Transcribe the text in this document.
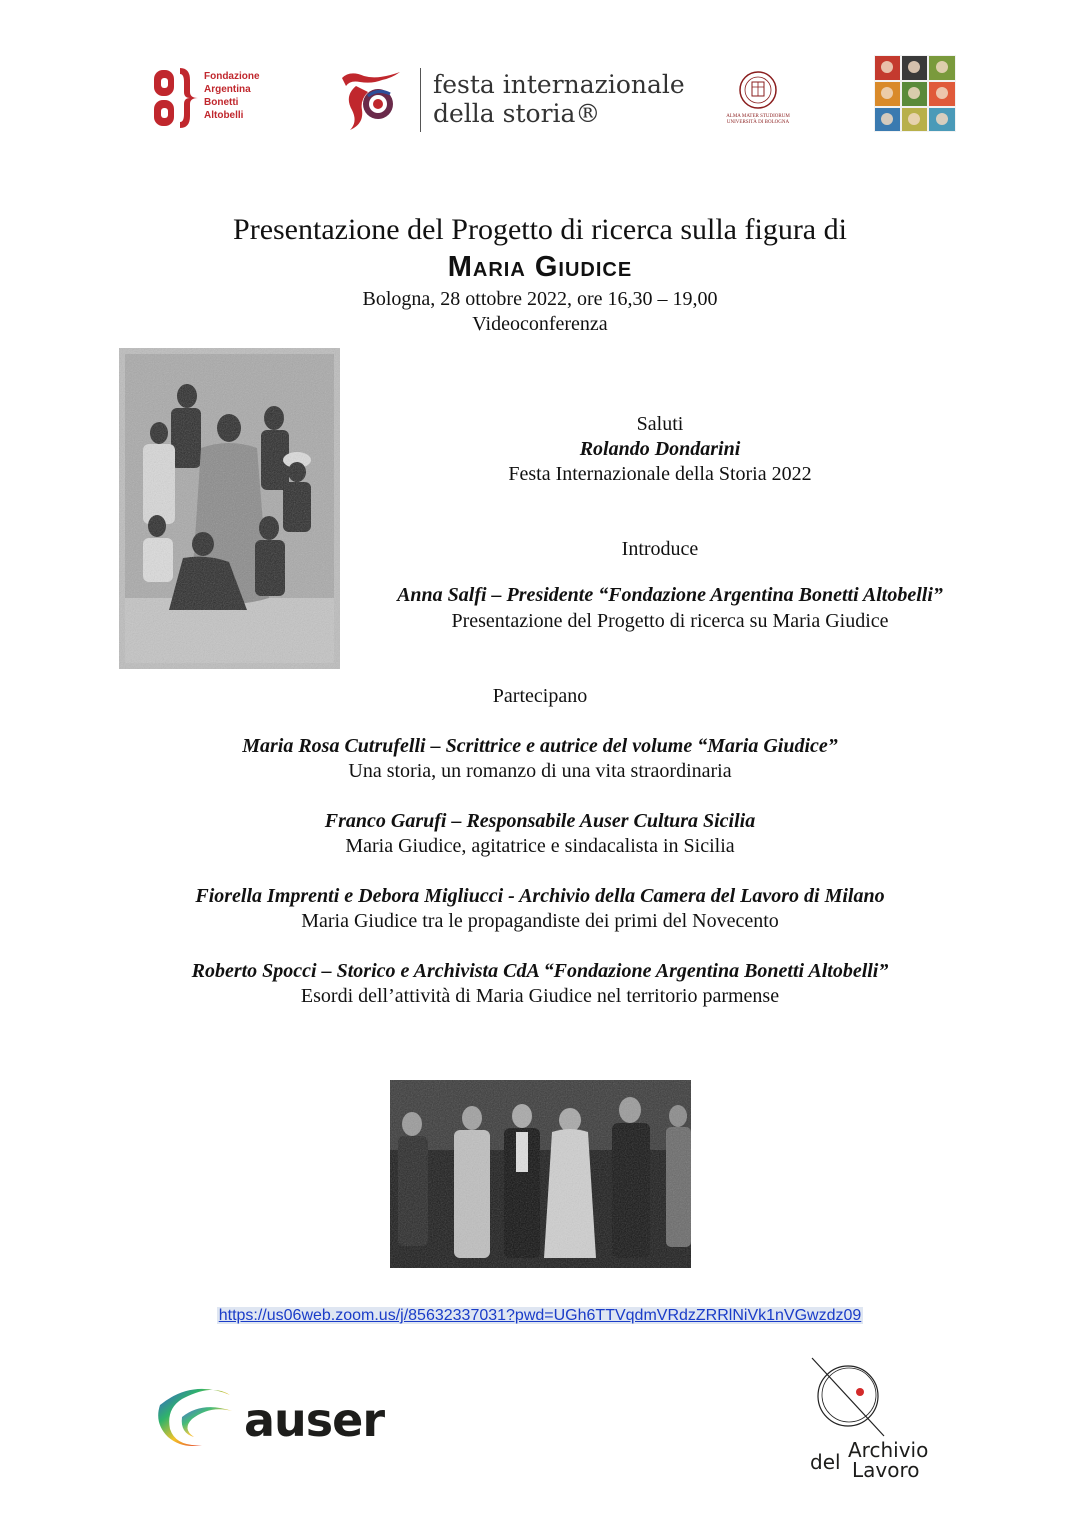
Fondazione
Argentina
Bonetti
Altobelli
festa internazionale
della storia®	ALMA MATER STUDIORUM
UNIVERSITÀ DI BOLOGNA
Presentazione del Progetto di ricerca sulla figura di
Maria Giudice
Bologna, 28 ottobre 2022, ore 16,30 – 19,00
Videoconferenza
Saluti
Rolando Dondarini
Festa Internazionale della Storia 2022
Introduce
Anna Salfi – Presidente “Fondazione Argentina Bonetti Altobelli”
Presentazione del Progetto di ricerca su Maria Giudice
Partecipano
Maria Rosa Cutrufelli – Scrittrice e autrice del volume “Maria Giudice”
Una storia, un romanzo di una vita straordinaria
Franco Garufi – Responsabile Auser Cultura Sicilia
Maria Giudice, agitatrice e sindacalista in Sicilia
Fiorella Imprenti e Debora Migliucci - Archivio della Camera del Lavoro di Milano
Maria Giudice tra le propagandiste dei primi del Novecento
Roberto Spocci – Storico e Archivista CdA “Fondazione Argentina Bonetti Altobelli”
Esordi dell’attività di Maria Giudice nel territorio parmense
https://us06web.zoom.us/j/85632337031?pwd=UGh6TTVqdmVRdzZRRlNiVk1nVGwzdz09
auser
Archivio
del Lavoro
